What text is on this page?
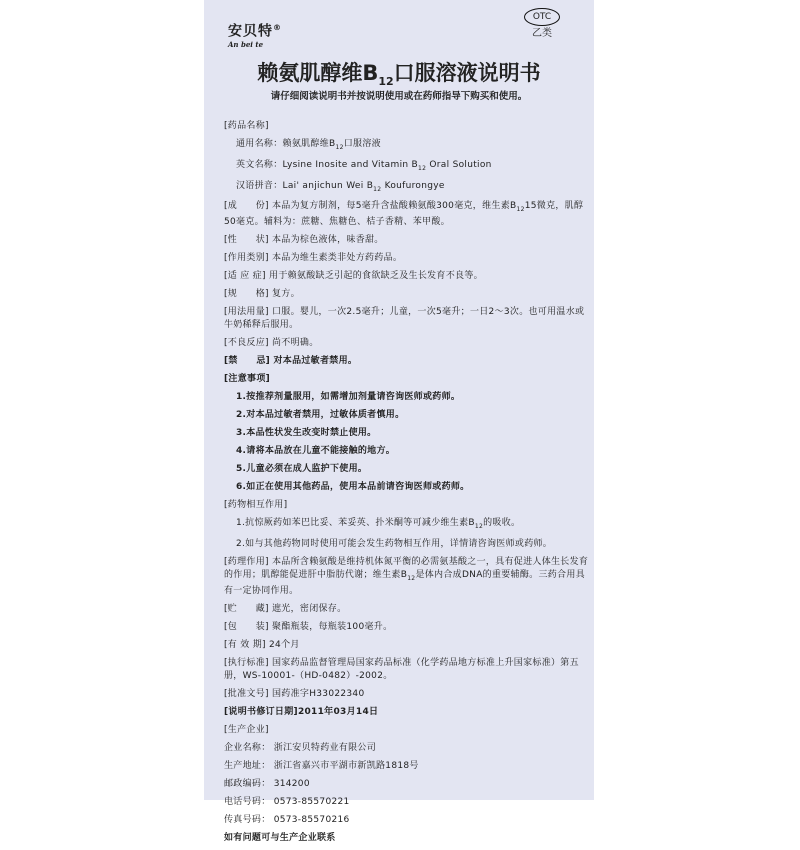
安贝特®
An bei te
OTC
乙类
赖氨肌醇维$B_{12}$口服溶液说明书
请仔细阅读说明书并按说明使用或在药师指导下购买和使用。
[药品名称]
通用名称：赖氨肌醇维$B_{12}$口服溶液
英文名称：Lysine Inosite and Vitamin $B_{12}$ Oral Solution
汉语拼音：Lai' anjichun Wei $B_{12}$ Koufurongye
[成　　份] 本品为复方制剂，每5毫升含盐酸赖氨酸300毫克，维生素$B_{12}15$微克，肌醇50毫克。辅料为：蔗糖、焦糖色、桔子香精、苯甲酸。
[性　　状] 本品为棕色液体，味香甜。
[作用类别] 本品为维生素类非处方药药品。
[适 应 症] 用于赖氨酸缺乏引起的食欲缺乏及生长发育不良等。
[规　　格] 复方。
[用法用量] 口服。婴儿，一次2.5毫升；儿童，一次5毫升；一日2～3次。也可用温水或牛奶稀释后服用。
[不良反应] 尚不明确。
[禁　　忌] 对本品过敏者禁用。
[注意事项]
1.按推荐剂量服用，如需增加剂量请咨询医师或药师。
2.对本品过敏者禁用，过敏体质者慎用。
3.本品性状发生改变时禁止使用。
4.请将本品放在儿童不能接触的地方。
5.儿童必须在成人监护下使用。
6.如正在使用其他药品，使用本品前请咨询医师或药师。
[药物相互作用]
1.抗惊厥药如苯巴比妥、苯妥英、扑米酮等可减少维生素$B_{12}$的吸收。
2.如与其他药物同时使用可能会发生药物相互作用，详情请咨询医师或药师。
[药理作用] 本品所含赖氨酸是维持机体氮平衡的必需氨基酸之一，具有促进人体生长发育的作用；肌醇能促进肝中脂肪代谢；维生素$B_{12}$是体内合成DNA的重要辅酶。三药合用具有一定协同作用。
[贮　　藏] 遮光，密闭保存。
[包　　装] 聚酯瓶装，每瓶装100毫升。
[有 效 期] 24个月
[执行标准] 国家药品监督管理局国家药品标准（化学药品地方标准上升国家标准）第五册，WS-10001-（HD-0482）-2002。
[批准文号] 国药准字H33022340
[说明书修订日期]2011年03月14日
[生产企业]
企业名称： 浙江安贝特药业有限公司
生产地址： 浙江省嘉兴市平湖市新凯路1818号
邮政编码： 314200
电话号码： 0573-85570221
传真号码： 0573-85570216
如有问题可与生产企业联系
